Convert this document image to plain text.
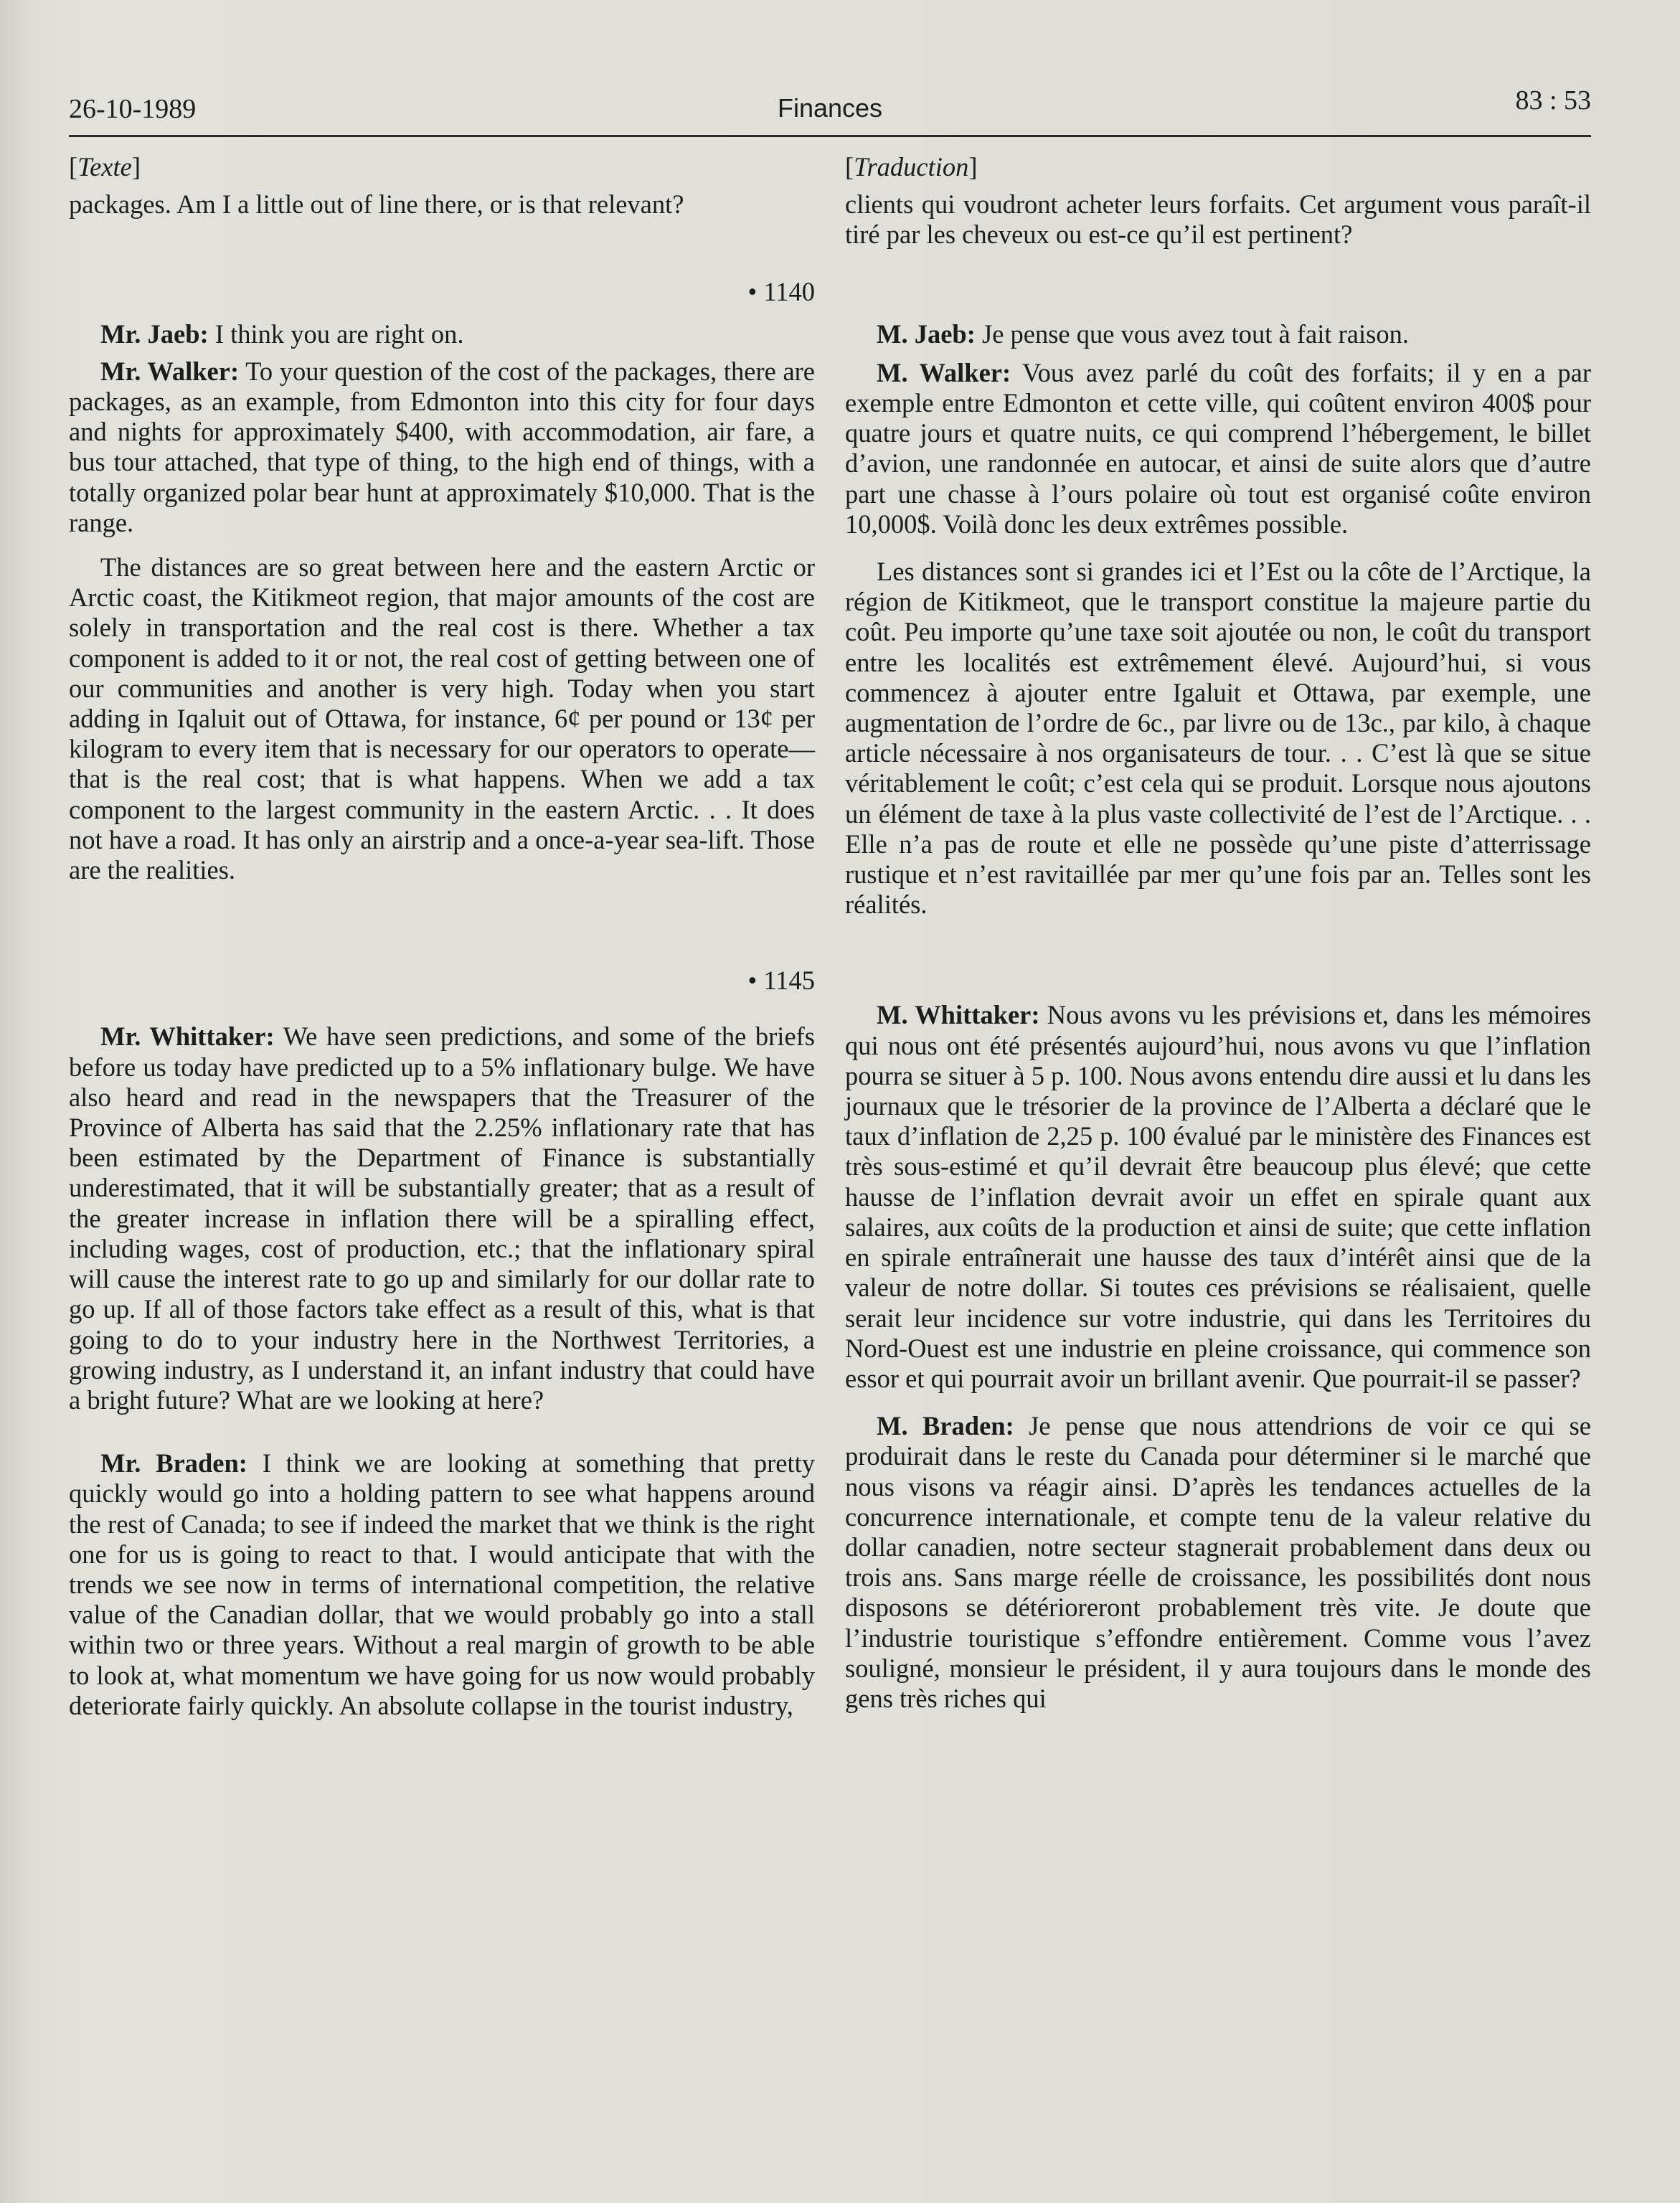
26-10-1989	Finances	83 : 53
[Texte]

packages. Am I a little out of line there, or is that relevant?

• 1140

Mr. Jaeb: I think you are right on.

Mr. Walker: To your question of the cost of the packages, there are packages, as an example, from Edmonton into this city for four days and nights for approximately $400, with accommodation, air fare, a bus tour attached, that type of thing, to the high end of things, with a totally organized polar bear hunt at approximately $10,000. That is the range.

The distances are so great between here and the eastern Arctic or Arctic coast, the Kitikmeot region, that major amounts of the cost are solely in transportation and the real cost is there. Whether a tax component is added to it or not, the real cost of getting between one of our communities and another is very high. Today when you start adding in Iqaluit out of Ottawa, for instance, 6¢ per pound or 13¢ per kilogram to every item that is necessary for our operators to operate—that is the real cost; that is what happens. When we add a tax component to the largest community in the eastern Arctic. . . It does not have a road. It has only an airstrip and a once-a-year sea-lift. Those are the realities.

• 1145

Mr. Whittaker: We have seen predictions, and some of the briefs before us today have predicted up to a 5% inflationary bulge. We have also heard and read in the newspapers that the Treasurer of the Province of Alberta has said that the 2.25% inflationary rate that has been estimated by the Department of Finance is substantially underestimated, that it will be substantially greater; that as a result of the greater increase in inflation there will be a spiralling effect, including wages, cost of production, etc.; that the inflationary spiral will cause the interest rate to go up and similarly for our dollar rate to go up. If all of those factors take effect as a result of this, what is that going to do to your industry here in the Northwest Territories, a growing industry, as I understand it, an infant industry that could have a bright future? What are we looking at here?

Mr. Braden: I think we are looking at something that pretty quickly would go into a holding pattern to see what happens around the rest of Canada; to see if indeed the market that we think is the right one for us is going to react to that. I would anticipate that with the trends we see now in terms of international competition, the relative value of the Canadian dollar, that we would probably go into a stall within two or three years. Without a real margin of growth to be able to look at, what momentum we have going for us now would probably deteriorate fairly quickly. An absolute collapse in the tourist industry,

[Traduction]

clients qui voudront acheter leurs forfaits. Cet argument vous paraît-il tiré par les cheveux ou est-ce qu’il est pertinent?

M. Jaeb: Je pense que vous avez tout à fait raison.

M. Walker: Vous avez parlé du coût des forfaits; il y en a par exemple entre Edmonton et cette ville, qui coûtent environ 400$ pour quatre jours et quatre nuits, ce qui comprend l’hébergement, le billet d’avion, une randonnée en autocar, et ainsi de suite alors que d’autre part une chasse à l’ours polaire où tout est organisé coûte environ 10,000$. Voilà donc les deux extrêmes possible.

Les distances sont si grandes ici et l’Est ou la côte de l’Arctique, la région de Kitikmeot, que le transport constitue la majeure partie du coût. Peu importe qu’une taxe soit ajoutée ou non, le coût du transport entre les localités est extrêmement élevé. Aujourd’hui, si vous commencez à ajouter entre Igaluit et Ottawa, par exemple, une augmentation de l’ordre de 6c., par livre ou de 13c., par kilo, à chaque article nécessaire à nos organisateurs de tour. . . C’est là que se situe véritablement le coût; c’est cela qui se produit. Lorsque nous ajoutons un élément de taxe à la plus vaste collectivité de l’est de l’Arctique. . . Elle n’a pas de route et elle ne possède qu’une piste d’atterrissage rustique et n’est ravitaillée par mer qu’une fois par an. Telles sont les réalités.

M. Whittaker: Nous avons vu les prévisions et, dans les mémoires qui nous ont été présentés aujourd’hui, nous avons vu que l’inflation pourra se situer à 5 p. 100. Nous avons entendu dire aussi et lu dans les journaux que le trésorier de la province de l’Alberta a déclaré que le taux d’inflation de 2,25 p. 100 évalué par le ministère des Finances est très sous-estimé et qu’il devrait être beaucoup plus élevé; que cette hausse de l’inflation devrait avoir un effet en spirale quant aux salaires, aux coûts de la production et ainsi de suite; que cette inflation en spirale entraînerait une hausse des taux d’intérêt ainsi que de la valeur de notre dollar. Si toutes ces prévisions se réalisaient, quelle serait leur incidence sur votre industrie, qui dans les Territoires du Nord-Ouest est une industrie en pleine croissance, qui commence son essor et qui pourrait avoir un brillant avenir. Que pourrait-il se passer?

M. Braden: Je pense que nous attendrions de voir ce qui se produirait dans le reste du Canada pour déterminer si le marché que nous visons va réagir ainsi. D’après les tendances actuelles de la concurrence internationale, et compte tenu de la valeur relative du dollar canadien, notre secteur stagnerait probablement dans deux ou trois ans. Sans marge réelle de croissance, les possibilités dont nous disposons se détérioreront probablement très vite. Je doute que l’industrie touristique s’effondre entièrement. Comme vous l’avez souligné, monsieur le président, il y aura toujours dans le monde des gens très riches qui
